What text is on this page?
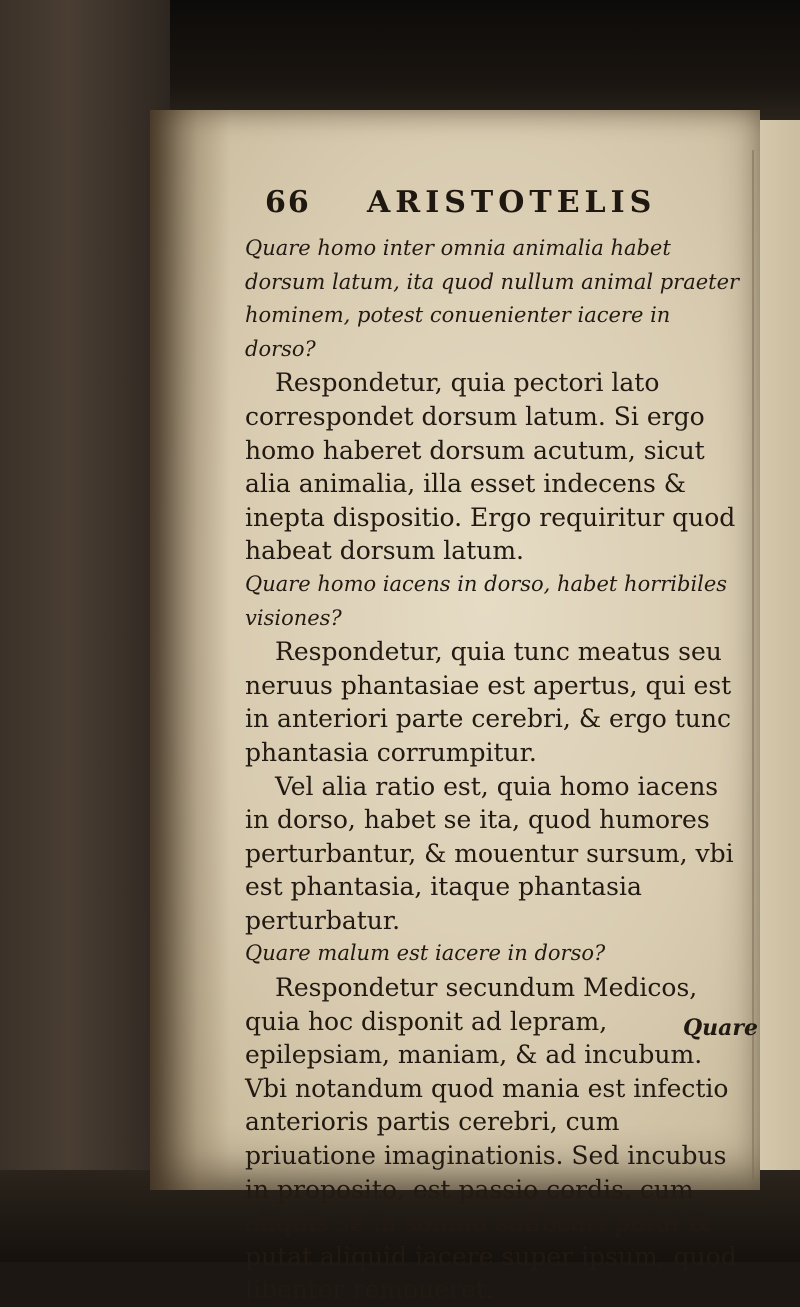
66 ARISTOTELIS

Quare homo inter omnia animalia habet dorsum latum, ita quod nullum animal praeter hominem, potest conuenienter iacere in dorso?

Respondetur, quia pectori lato correspondet dorsum latum. Si ergo homo haberet dorsum acutum, sicut alia animalia, illa esset indecens & inepta dispositio. Ergo requiritur quod habeat dorsum latum.

Quare homo iacens in dorso, habet horribiles visiones?

Respondetur, quia tunc meatus seu neruus phantasiae est apertus, qui est in anteriori parte cerebri, & ergo tunc phantasia corrumpitur.

Vel alia ratio est, quia homo iacens in dorso, habet se ita, quod humores perturbantur, & mouentur sursum, vbi est phantasia, itaque phantasia perturbatur.

Quare malum est iacere in dorso?

Respondetur secundum Medicos, quia hoc disponit ad lepram, epilepsiam, maniam, & ad incubum. Vbi notandum quod mania est infectio anterioris partis cerebri, cum priuatione imaginationis. Sed incubus in proposito, est passio cordis, cum aliquis se in somno suffocari putat & putat aliquid iacere super ipsum, quod libenter remoueret.

Quare
